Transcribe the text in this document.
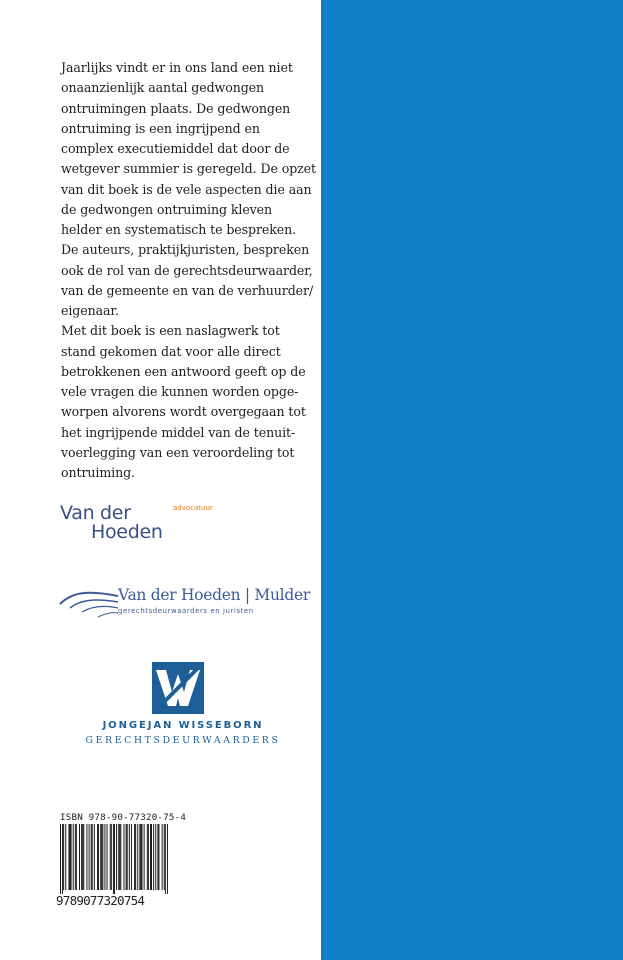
Jaarlijks vindt er in ons land een niet
onaanzienlijk aantal gedwongen
ontruimingen plaats. De gedwongen
ontruiming is een ingrijpend en
complex executiemiddel dat door de
wetgever summier is geregeld. De opzet
van dit boek is de vele aspecten die aan
de gedwongen ontruiming kleven
helder en systematisch te bespreken.
De auteurs, praktijkjuristen, bespreken
ook de rol van de gerechtsdeurwaarder,
van de gemeente en van de verhuurder/
eigenaar.
Met dit boek is een naslagwerk tot
stand gekomen dat voor alle direct
betrokkenen een antwoord geeft op de
vele vragen die kunnen worden opge-
worpen alvorens wordt overgegaan tot
het ingrijpende middel van de tenuit-
voerlegging van een veroordeling tot
ontruiming.
Van der	advocatuur
Hoeden
Van der Hoeden | Mulder
gerechtsdeurwaarders en juristen
JONGEJAN WISSEBORN
GERECHTSDEURWAARDERS
ISBN 978-90-77320-75-4
9789077320754
